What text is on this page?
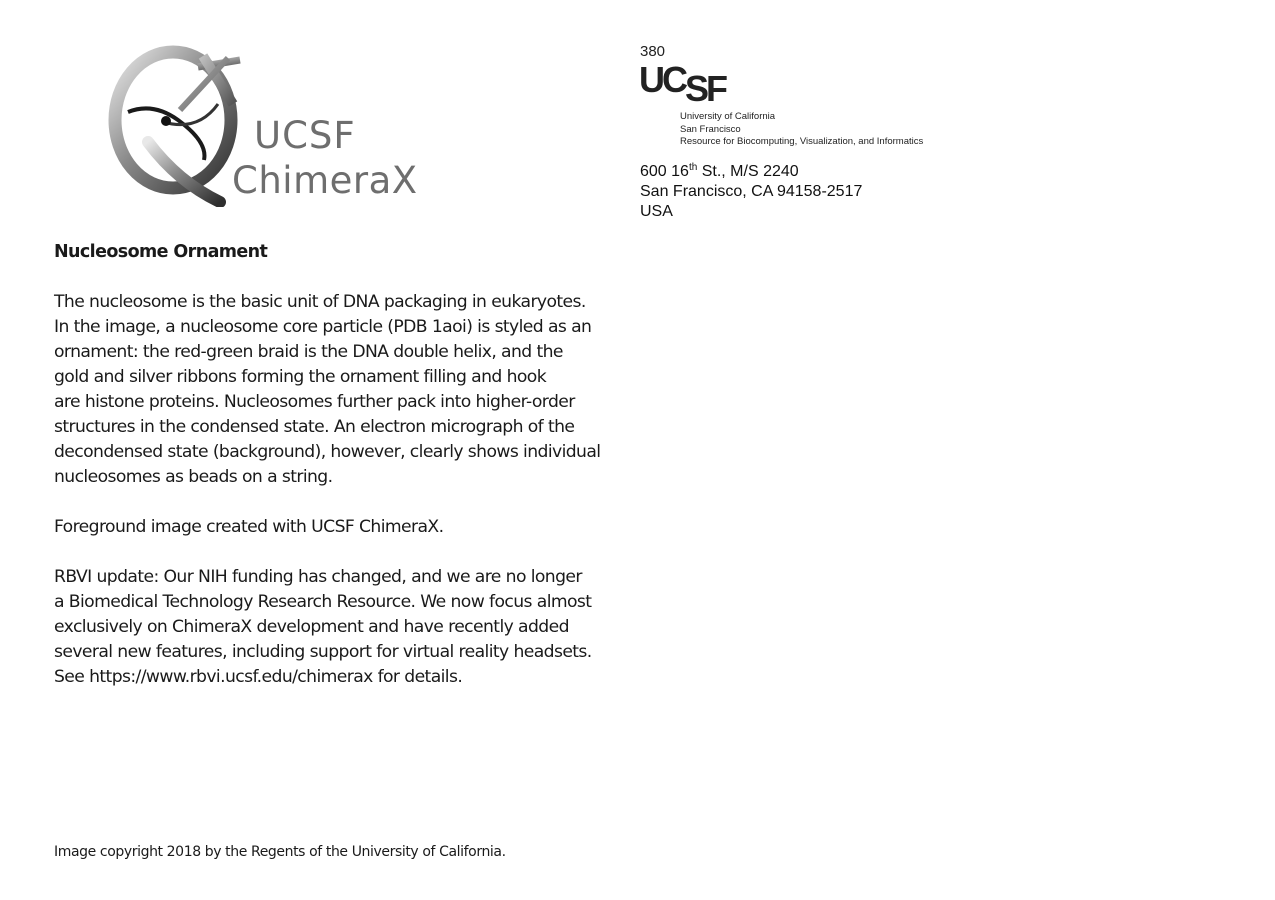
UCSF
ChimeraX
380
UCSF
University of California
San Francisco
Resource for Biocomputing, Visualization, and Informatics
600 16th St., M/S 2240
San Francisco, CA 94158-2517
USA
Nucleosome Ornament
The nucleosome is the basic unit of DNA packaging in eukaryotes.
In the image, a nucleosome core particle (PDB 1aoi) is styled as an
ornament: the red-green braid is the DNA double helix, and the
gold and silver ribbons forming the ornament filling and hook
are histone proteins. Nucleosomes further pack into higher-order
structures in the condensed state. An electron micrograph of the
decondensed state (background), however, clearly shows individual
nucleosomes as beads on a string.
Foreground image created with UCSF ChimeraX.
RBVI update: Our NIH funding has changed, and we are no longer
a Biomedical Technology Research Resource. We now focus almost
exclusively on ChimeraX development and have recently added
several new features, including support for virtual reality headsets.
See https://www.rbvi.ucsf.edu/chimerax for details.
Image copyright 2018 by the Regents of the University of California.
